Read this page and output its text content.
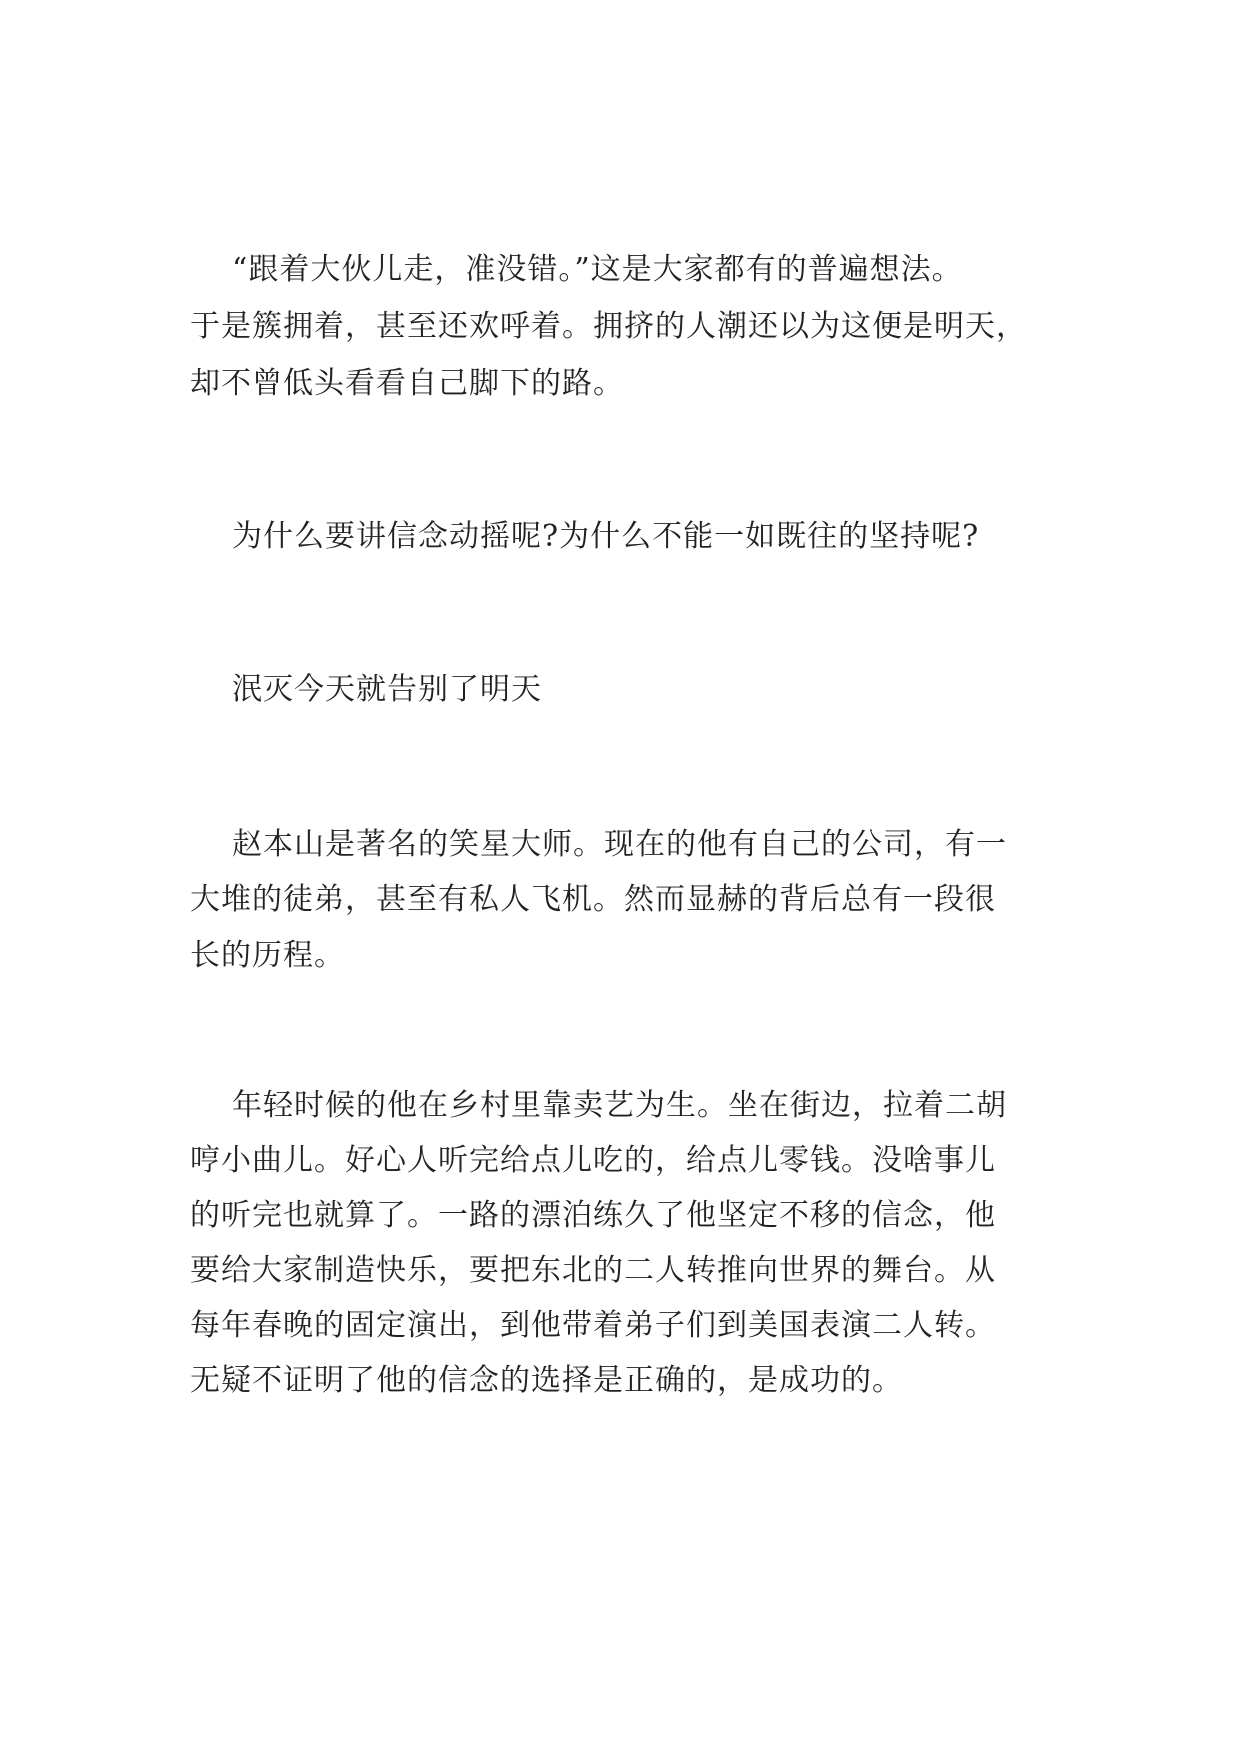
“跟着大伙儿走，准没错。”这是大家都有的普遍想法。
于是簇拥着，甚至还欢呼着。拥挤的人潮还以为这便是明天，
却不曾低头看看自己脚下的路。
为什么要讲信念动摇呢?为什么不能一如既往的坚持呢?
泯灭今天就告别了明天
赵本山是著名的笑星大师。现在的他有自己的公司，有一
大堆的徒弟，甚至有私人飞机。然而显赫的背后总有一段很
长的历程。
年轻时候的他在乡村里靠卖艺为生。坐在街边，拉着二胡
哼小曲儿。好心人听完给点儿吃的，给点儿零钱。没啥事儿
的听完也就算了。一路的漂泊练久了他坚定不移的信念，他
要给大家制造快乐，要把东北的二人转推向世界的舞台。从
每年春晚的固定演出，到他带着弟子们到美国表演二人转。
无疑不证明了他的信念的选择是正确的，是成功的。
